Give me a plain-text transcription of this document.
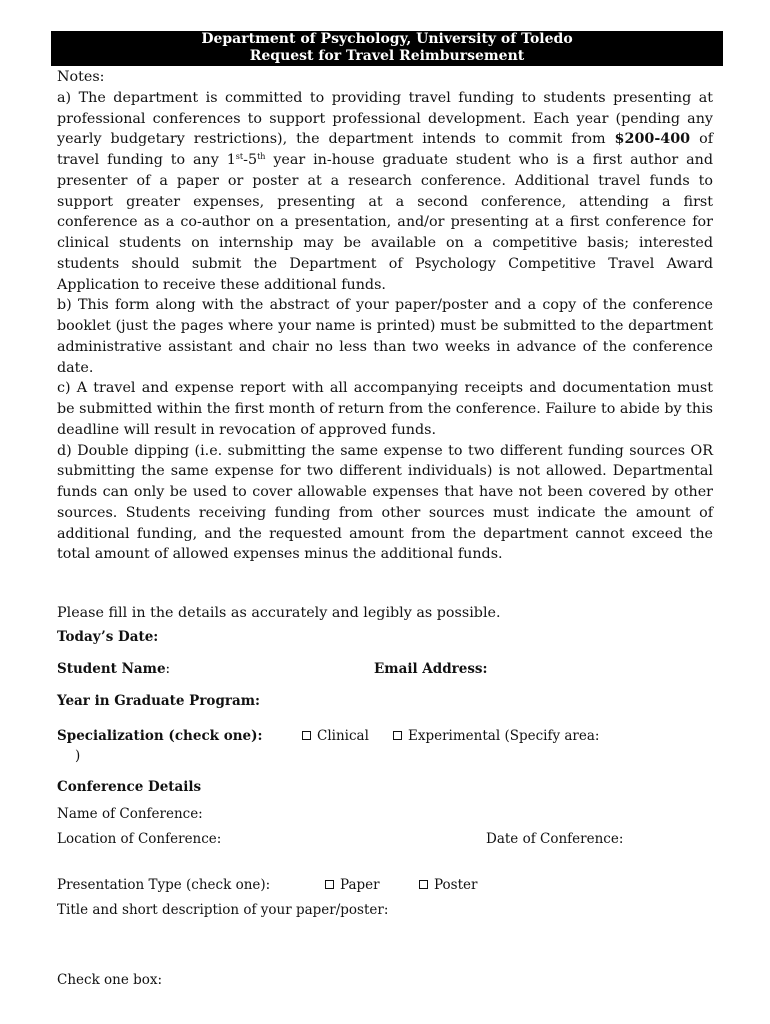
Department of Psychology, University of Toledo
Request for Travel Reimbursement

Notes:

a) The department is committed to providing travel funding to students presenting at professional conferences to support professional development. Each year (pending any yearly budgetary restrictions), the department intends to commit from $200-400 of travel funding to any 1st-5th year in-house graduate student who is a first author and presenter of a paper or poster at a research conference. Additional travel funds to support greater expenses, presenting at a second conference, attending a first conference as a co-author on a presentation, and/or presenting at a first conference for clinical students on internship may be available on a competitive basis; interested students should submit the Department of Psychology Competitive Travel Award Application to receive these additional funds.

b) This form along with the abstract of your paper/poster and a copy of the conference booklet (just the pages where your name is printed) must be submitted to the department administrative assistant and chair no less than two weeks in advance of the conference date.

c) A travel and expense report with all accompanying receipts and documentation must be submitted within the first month of return from the conference. Failure to abide by this deadline will result in revocation of approved funds.

d) Double dipping (i.e. submitting the same expense to two different funding sources OR submitting the same expense for two different individuals) is not allowed. Departmental funds can only be used to cover allowable expenses that have not been covered by other sources. Students receiving funding from other sources must indicate the amount of additional funding, and the requested amount from the department cannot exceed the total amount of allowed expenses minus the additional funds.

Please fill in the details as accurately and legibly as possible.
Today’s Date:
Student Name:	Email Address:
Year in Graduate Program:
Specialization (check one):	Clinical	Experimental (Specify area:
)
Conference Details
Name of Conference:
Location of Conference:	Date of Conference:
Presentation Type (check one):	Paper	Poster
Title and short description of your paper/poster:
Check one box:
